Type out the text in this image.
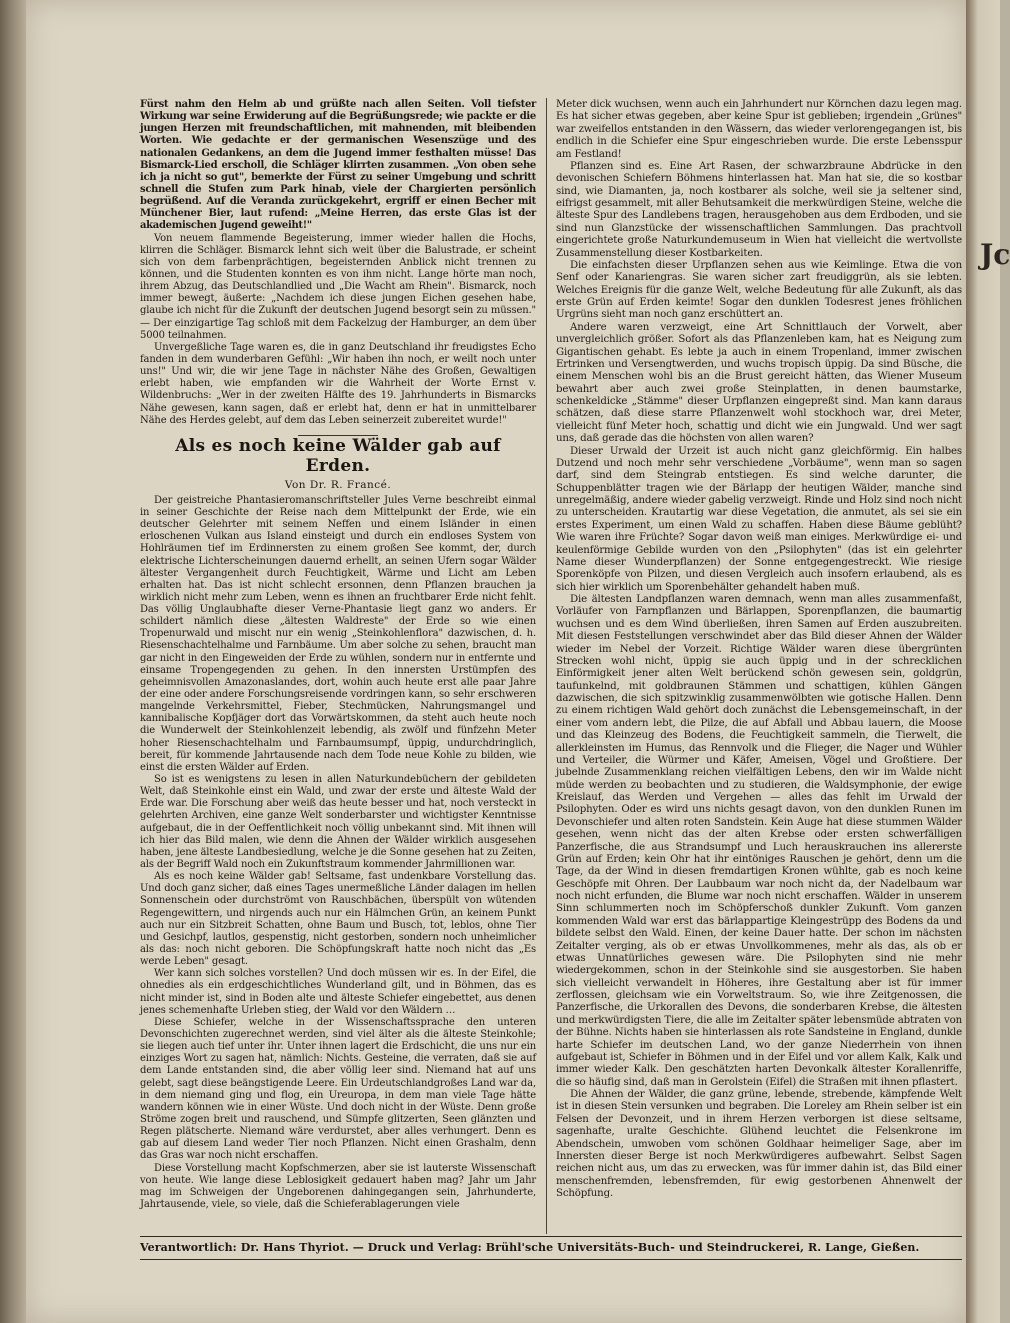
Jc

Fürst nahm den Helm ab und grüßte nach allen Seiten. Voll tiefster Wirkung war seine Erwiderung auf die Begrüßungsrede; wie packte er die jungen Herzen mit freundschaftlichen, mit mahnenden, mit bleibenden Worten. Wie gedachte er der germanischen Wesenszüge und des nationalen Gedankens, an dem die Jugend immer festhalten müsse! Das Bismarck-Lied erscholl, die Schläger klirrten zusammen. „Von oben sehe ich ja nicht so gut", bemerkte der Fürst zu seiner Umgebung und schritt schnell die Stufen zum Park hinab, viele der Chargierten persönlich begrüßend. Auf die Veranda zurückgekehrt, ergriff er einen Becher mit Münchener Bier, laut rufend: „Meine Herren, das erste Glas ist der akademischen Jugend geweiht!"

Von neuem flammende Begeisterung, immer wieder hallen die Hochs, klirren die Schläger. Bismarck lehnt sich weit über die Balustrade, er scheint sich von dem farbenprächtigen, begeisternden Anblick nicht trennen zu können, und die Studenten konnten es von ihm nicht. Lange hörte man noch, ihrem Abzug, das Deutschlandlied und „Die Wacht am Rhein". Bismarck, noch immer bewegt, äußerte: „Nachdem ich diese jungen Eichen gesehen habe, glaube ich nicht für die Zukunft der deutschen Jugend besorgt sein zu müssen." — Der einzigartige Tag schloß mit dem Fackelzug der Hamburger, an dem über 5000 teilnahmen.

Unvergeßliche Tage waren es, die in ganz Deutschland ihr freudigstes Echo fanden in dem wunderbaren Gefühl: „Wir haben ihn noch, er weilt noch unter uns!" Und wir, die wir jene Tage in nächster Nähe des Großen, Gewaltigen erlebt haben, wie empfanden wir die Wahrheit der Worte Ernst v. Wildenbruchs: „Wer in der zweiten Hälfte des 19. Jahrhunderts in Bismarcks Nähe gewesen, kann sagen, daß er erlebt hat, denn er hat in unmittelbarer Nähe des Herdes gelebt, auf dem das Leben seinerzeit zubereitet wurde!"

Als es noch keine Wälder gab auf Erden.
Von Dr. R. Francé.

Der geistreiche Phantasieromanschriftsteller Jules Verne beschreibt einmal in seiner Geschichte der Reise nach dem Mittelpunkt der Erde, wie ein deutscher Gelehrter mit seinem Neffen und einem Isländer in einen erloschenen Vulkan aus Island einsteigt und durch ein endloses System von Hohlräumen tief im Erdinnersten zu einem großen See kommt, der, durch elektrische Lichterscheinungen dauernd erhellt, an seinen Ufern sogar Wälder ältester Vergangenheit durch Feuchtigkeit, Wärme und Licht am Leben erhalten hat. Das ist nicht schlecht ersonnen, denn Pflanzen brauchen ja wirklich nicht mehr zum Leben, wenn es ihnen an fruchtbarer Erde nicht fehlt. Das völlig Unglaubhafte dieser Verne-Phantasie liegt ganz wo anders. Er schildert nämlich diese „ältesten Waldreste" der Erde so wie einen Tropenurwald und mischt nur ein wenig „Steinkohlenflora" dazwischen, d. h. Riesenschachtelhalme und Farnbäume. Um aber solche zu sehen, braucht man gar nicht in den Eingeweiden der Erde zu wühlen, sondern nur in entfernte und einsame Tropengegenden zu gehen. In den innersten Urstümpfen des geheimnisvollen Amazonaslandes, dort, wohin auch heute erst alle paar Jahre der eine oder andere Forschungsreisende vordringen kann, so sehr erschweren mangelnde Verkehrsmittel, Fieber, Stechmücken, Nahrungsmangel und kannibalische Kopfjäger dort das Vorwärtskommen, da steht auch heute noch die Wunderwelt der Steinkohlenzeit lebendig, als zwölf und fünfzehn Meter hoher Riesenschachtelhalm und Farnbaumsumpf, üppig, undurchdringlich, bereit, für kommende Jahrtausende nach dem Tode neue Kohle zu bilden, wie einst die ersten Wälder auf Erden.

So ist es wenigstens zu lesen in allen Naturkundebüchern der gebildeten Welt, daß Steinkohle einst ein Wald, und zwar der erste und älteste Wald der Erde war. Die Forschung aber weiß das heute besser und hat, noch versteckt in gelehrten Archiven, eine ganze Welt sonderbarster und wichtigster Kenntnisse aufgebaut, die in der Oeffentlichkeit noch völlig unbekannt sind. Mit ihnen will ich hier das Bild malen, wie denn die Ahnen der Wälder wirklich ausgesehen haben, jene älteste Landbesiedlung, welche je die Sonne gesehen hat zu Zeiten, als der Begriff Wald noch ein Zukunftstraum kommender Jahrmillionen war.

Als es noch keine Wälder gab! Seltsame, fast undenkbare Vorstellung das. Und doch ganz sicher, daß eines Tages unermeßliche Länder dalagen im hellen Sonnenschein oder durchströmt von Rauschbächen, überspült von wütenden Regengewittern, und nirgends auch nur ein Hälmchen Grün, an keinem Punkt auch nur ein Sitzbreit Schatten, ohne Baum und Busch, tot, leblos, ohne Tier und Gesichpf, lautlos, gespenstig, nicht gestorben, sondern noch unheimlicher als das: noch nicht geboren. Die Schöpfungskraft hatte noch nicht das „Es werde Leben" gesagt.

Wer kann sich solches vorstellen? Und doch müssen wir es. In der Eifel, die ohnedies als ein erdgeschichtliches Wunderland gilt, und in Böhmen, das es nicht minder ist, sind in Boden alte und älteste Schiefer eingebettet, aus denen jenes schemenhafte Urleben stieg, der Wald vor den Wäldern …

Diese Schiefer, welche in der Wissenschaftssprache den unteren Devonschichten zugerechnet werden, sind viel älter als die älteste Steinkohle; sie liegen auch tief unter ihr. Unter ihnen lagert die Erdschicht, die uns nur ein einziges Wort zu sagen hat, nämlich: Nichts. Gesteine, die verraten, daß sie auf dem Lande entstanden sind, die aber völlig leer sind. Niemand hat auf uns gelebt, sagt diese beängstigende Leere. Ein Urdeutschlandgroßes Land war da, in dem niemand ging und flog, ein Ureuropa, in dem man viele Tage hätte wandern können wie in einer Wüste. Und doch nicht in der Wüste. Denn große Ströme zogen breit und rauschend, und Sümpfe glitzerten, Seen glänzten und Regen plätscherte. Niemand wäre verdurstet, aber alles verhungert. Denn es gab auf diesem Land weder Tier noch Pflanzen. Nicht einen Grashalm, denn das Gras war noch nicht erschaffen.

Diese Vorstellung macht Kopfschmerzen, aber sie ist lauterste Wissenschaft von heute. Wie lange diese Leblosigkeit gedauert haben mag? Jahr um Jahr mag im Schweigen der Ungeborenen dahingegangen sein, Jahrhunderte, Jahrtausende, viele, so viele, daß die Schieferablagerungen viele

Meter dick wuchsen, wenn auch ein Jahrhundert nur Körnchen dazu legen mag. Es hat sicher etwas gegeben, aber keine Spur ist geblieben; irgendein „Grünes" war zweifellos entstanden in den Wässern, das wieder verlorengegangen ist, bis endlich in die Schiefer eine Spur eingeschrieben wurde. Die erste Lebensspur am Festland!

Pflanzen sind es. Eine Art Rasen, der schwarzbraune Abdrücke in den devonischen Schiefern Böhmens hinterlassen hat. Man hat sie, die so kostbar sind, wie Diamanten, ja, noch kostbarer als solche, weil sie ja seltener sind, eifrigst gesammelt, mit aller Behutsamkeit die merkwürdigen Steine, welche die älteste Spur des Landlebens tragen, herausgehoben aus dem Erdboden, und sie sind nun Glanzstücke der wissenschaftlichen Sammlungen. Das prachtvoll eingerichtete große Naturkundemuseum in Wien hat vielleicht die wertvollste Zusammenstellung dieser Kostbarkeiten.

Die einfachsten dieser Urpflanzen sehen aus wie Keimlinge. Etwa die von Senf oder Kanariengras. Sie waren sicher zart freudiggrün, als sie lebten. Welches Ereignis für die ganze Welt, welche Bedeutung für alle Zukunft, als das erste Grün auf Erden keimte! Sogar den dunklen Todesrest jenes fröhlichen Urgrüns sieht man noch ganz erschüttert an.

Andere waren verzweigt, eine Art Schnittlauch der Vorwelt, aber unvergleichlich größer. Sofort als das Pflanzenleben kam, hat es Neigung zum Gigantischen gehabt. Es lebte ja auch in einem Tropenland, immer zwischen Ertrinken und Versengtwerden, und wuchs tropisch üppig. Da sind Büsche, die einem Menschen wohl bis an die Brust gereicht hätten, das Wiener Museum bewahrt aber auch zwei große Steinplatten, in denen baumstarke, schenkeldicke „Stämme" dieser Urpflanzen eingepreßt sind. Man kann daraus schätzen, daß diese starre Pflanzenwelt wohl stockhoch war, drei Meter, vielleicht fünf Meter hoch, schattig und dicht wie ein Jungwald. Und wer sagt uns, daß gerade das die höchsten von allen waren?

Dieser Urwald der Urzeit ist auch nicht ganz gleichförmig. Ein halbes Dutzend und noch mehr sehr verschiedene „Vorbäume", wenn man so sagen darf, sind dem Steingrab entstiegen. Es sind welche darunter, die Schuppenblätter tragen wie der Bärlapp der heutigen Wälder, manche sind unregelmäßig, andere wieder gabelig verzweigt. Rinde und Holz sind noch nicht zu unterscheiden. Krautartig war diese Vegetation, die anmutet, als sei sie ein erstes Experiment, um einen Wald zu schaffen. Haben diese Bäume geblüht? Wie waren ihre Früchte? Sogar davon weiß man einiges. Merkwürdige ei- und keulenförmige Gebilde wurden von den „Psilophyten" (das ist ein gelehrter Name dieser Wunderpflanzen) der Sonne entgegengestreckt. Wie riesige Sporenköpfe von Pilzen, und diesen Vergleich auch insofern erlaubend, als es sich hier wirklich um Sporenbehälter gehandelt haben muß.

Die ältesten Landpflanzen waren demnach, wenn man alles zusammenfaßt, Vorläufer von Farnpflanzen und Bärlappen, Sporenpflanzen, die baumartig wuchsen und es dem Wind überließen, ihren Samen auf Erden auszubreiten. Mit diesen Feststellungen verschwindet aber das Bild dieser Ahnen der Wälder wieder im Nebel der Vorzeit. Richtige Wälder waren diese übergrünten Strecken wohl nicht, üppig sie auch üppig und in der schrecklichen Einförmigkeit jener alten Welt berückend schön gewesen sein, goldgrün, taufunkelnd, mit goldbraunen Stämmen und schattigen, kühlen Gängen dazwischen, die sich spitzwinklig zusammenwölbten wie gotische Hallen. Denn zu einem richtigen Wald gehört doch zunächst die Lebensgemeinschaft, in der einer vom andern lebt, die Pilze, die auf Abfall und Abbau lauern, die Moose und das Kleinzeug des Bodens, die Feuchtigkeit sammeln, die Tierwelt, die allerkleinsten im Humus, das Rennvolk und die Flieger, die Nager und Wühler und Verteiler, die Würmer und Käfer, Ameisen, Vögel und Großtiere. Der jubelnde Zusammenklang reichen vielfältigen Lebens, den wir im Walde nicht müde werden zu beobachten und zu studieren, die Waldsymphonie, der ewige Kreislauf, das Werden und Vergehen — alles das fehlt im Urwald der Psilophyten. Oder es wird uns nichts gesagt davon, von den dunklen Runen im Devonschiefer und alten roten Sandstein. Kein Auge hat diese stummen Wälder gesehen, wenn nicht das der alten Krebse oder ersten schwerfälligen Panzerfische, die aus Strandsumpf und Luch herauskrauchen ins allererste Grün auf Erden; kein Ohr hat ihr eintöniges Rauschen je gehört, denn um die Tage, da der Wind in diesen fremdartigen Kronen wühlte, gab es noch keine Geschöpfe mit Ohren. Der Laubbaum war noch nicht da, der Nadelbaum war noch nicht erfunden, die Blume war noch nicht erschaffen. Wälder in unserem Sinn schlummerten noch im Schöpferschoß dunkler Zukunft. Vom ganzen kommenden Wald war erst das bärlappartige Kleingestrüpp des Bodens da und bildete selbst den Wald. Einen, der keine Dauer hatte. Der schon im nächsten Zeitalter verging, als ob er etwas Unvollkommenes, mehr als das, als ob er etwas Unnatürliches gewesen wäre. Die Psilophyten sind nie mehr wiedergekommen, schon in der Steinkohle sind sie ausgestorben. Sie haben sich vielleicht verwandelt in Höheres, ihre Gestaltung aber ist für immer zerflossen, gleichsam wie ein Vorweltstraum. So, wie ihre Zeitgenossen, die Panzerfische, die Urkorallen des Devons, die sonderbaren Krebse, die ältesten und merkwürdigsten Tiere, die alle im Zeitalter später lebensmüde abtraten von der Bühne. Nichts haben sie hinterlassen als rote Sandsteine in England, dunkle harte Schiefer im deutschen Land, wo der ganze Niederrhein von ihnen aufgebaut ist, Schiefer in Böhmen und in der Eifel und vor allem Kalk, Kalk und immer wieder Kalk. Den geschätzten harten Devonkalk ältester Korallenriffe, die so häufig sind, daß man in Gerolstein (Eifel) die Straßen mit ihnen pflastert.

Die Ahnen der Wälder, die ganz grüne, lebende, strebende, kämpfende Welt ist in diesen Stein versunken und begraben. Die Loreley am Rhein selber ist ein Felsen der Devonzeit, und in ihrem Herzen verborgen ist diese seltsame, sagenhafte, uralte Geschichte. Glühend leuchtet die Felsenkrone im Abendschein, umwoben vom schönen Goldhaar heimeliger Sage, aber im Innersten dieser Berge ist noch Merkwürdigeres aufbewahrt. Selbst Sagen reichen nicht aus, um das zu erwecken, was für immer dahin ist, das Bild einer menschenfremden, lebensfremden, für ewig gestorbenen Ahnenwelt der Schöpfung.

Verantwortlich: Dr. Hans Thyriot. — Druck und Verlag: Brühl'sche Universitäts-Buch- und Steindruckerei, R. Lange, Gießen.
